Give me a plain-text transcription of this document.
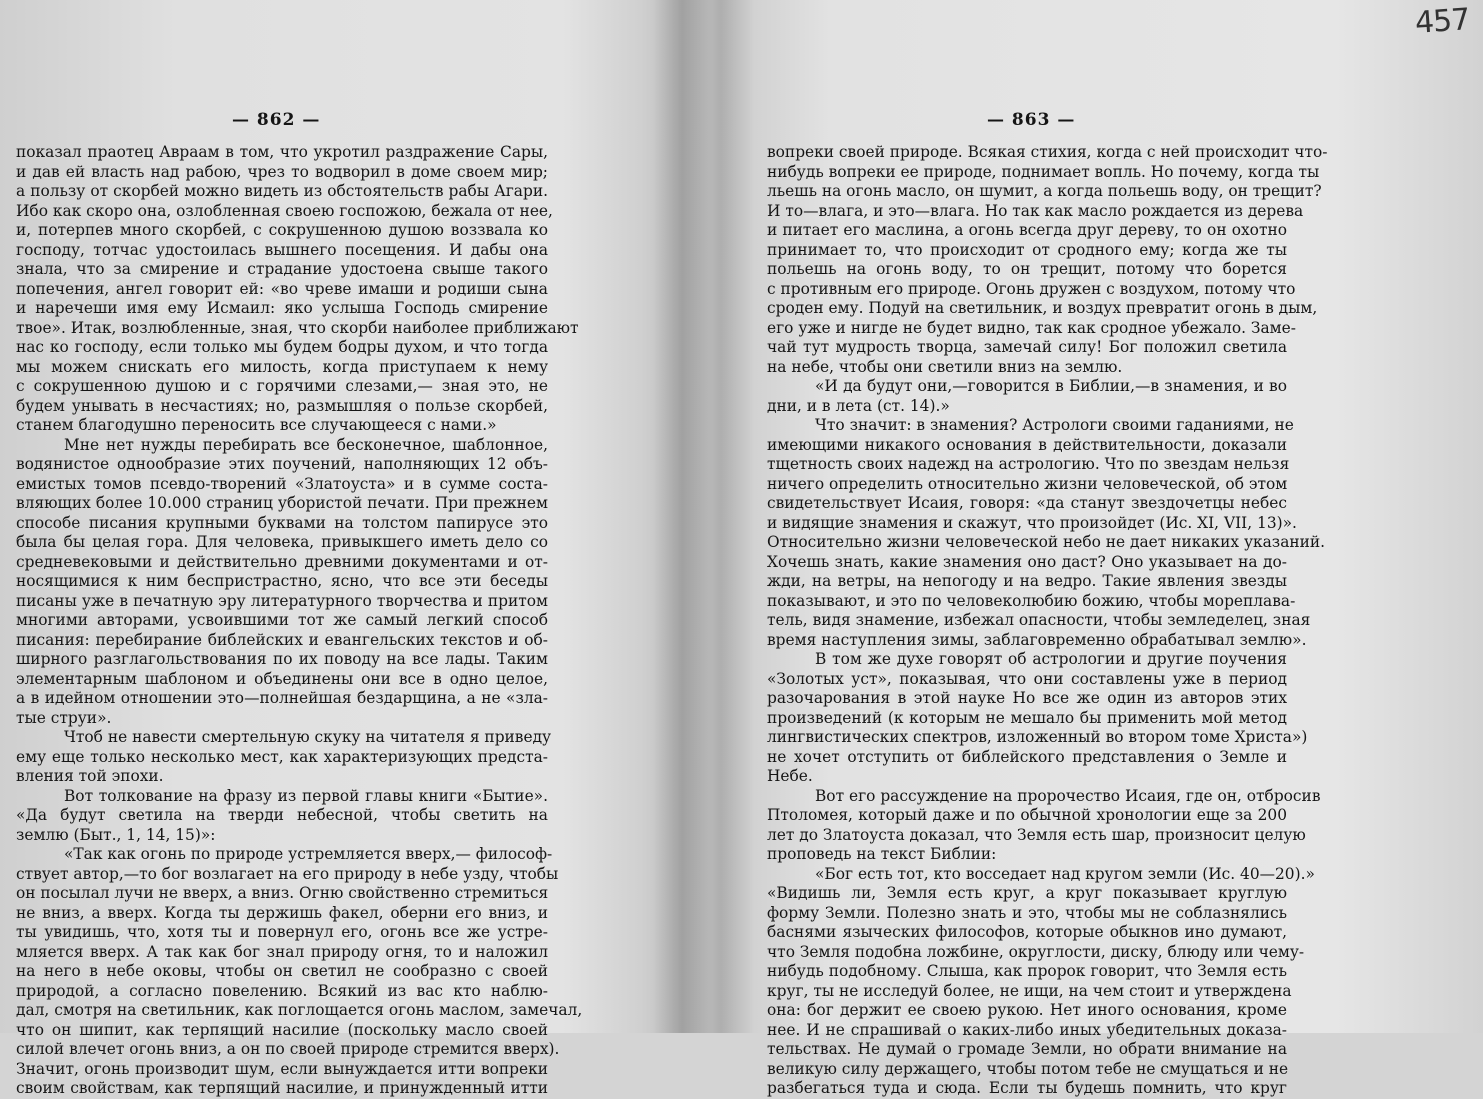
457
— 862 —
показал праотец Авраам в том, что укротил раздражение Сары,
и дав ей власть над рабою, чрез то водворил в доме своем мир;
а пользу от скорбей можно видеть из обстоятельств рабы Агари.
Ибо как скоро она, озлобленная своею госпожою, бежала от нее,
и, потерпев много скорбей, с сокрушенною душою воззвала ко
господу, тотчас удостоилась вышнего посещения. И дабы она
знала, что за смирение и страдание удостоена свыше такого
попечения, ангел говорит ей: «во чреве имаши и родиши сына
и наречеши имя ему Исмаил: яко услыша Господь смирение
твое». Итак, возлюбленные, зная, что скорби наиболее приближают
нас ко господу, если только мы будем бодры духом, и что тогда
мы можем снискать его милость, когда приступаем к нему
с сокрушенною душою и с горячими слезами,— зная это, не
будем унывать в несчастиях; но, размышляя о пользе скорбей,
станем благодушно переносить все случающееся с нами.»
Мне нет нужды перебирать все бесконечное, шаблонное,
водянистое однообразие этих поучений, наполняющих 12 объ-
емистых томов псевдо-творений «Златоуста» и в сумме соста-
вляющих более 10.000 страниц убористой печати. При прежнем
способе писания крупными буквами на толстом папирусе это
была бы целая гора. Для человека, привыкшего иметь дело со
средневековыми и действительно древними документами и от-
носящимися к ним беспристрастно, ясно, что все эти беседы
писаны уже в печатную эру литературного творчества и притом
многими авторами, усвоившими тот же самый легкий способ
писания: перебирание библейских и евангельских текстов и об-
ширного разглагольствования по их поводу на все лады. Таким
элементарным шаблоном и объединены они все в одно целое,
а в идейном отношении это—полнейшая бездарщина, а не «зла-
тые струи».
Чтоб не навести смертельную скуку на читателя я приведу
ему еще только несколько мест, как характеризующих предста-
вления той эпохи.
Вот толкование на фразу из первой главы книги «Бытие».
«Да будут светила на тверди небесной, чтобы светить на
землю (Быт., 1, 14, 15)»:
«Так как огонь по природе устремляется вверх,— философ-
ствует автор,—то бог возлагает на его природу в небе узду, чтобы
он посылал лучи не вверх, а вниз. Огню свойственно стремиться
не вниз, а вверх. Когда ты держишь факел, оберни его вниз, и
ты увидишь, что, хотя ты и повернул его, огонь все же устре-
мляется вверх. А так как бог знал природу огня, то и наложил
на него в небе оковы, чтобы он светил не сообразно с своей
природой, а согласно повелению. Всякий из вас кто наблю-
дал, смотря на светильник, как поглощается огонь маслом, замечал,
что он шипит, как терпящий насилие (поскольку масло своей
силой влечет огонь вниз, а он по своей природе стремится вверх).
Значит, огонь производит шум, если вынуждается итти вопреки
своим свойствам, как терпящий насилие, и принужденный итти
— 863 —
вопреки своей природе. Всякая стихия, когда с ней происходит что-
нибудь вопреки ее природе, поднимает вопль. Но почему, когда ты
льешь на огонь масло, он шумит, а когда польешь воду, он трещит?
И то—влага, и это—влага. Но так как масло рождается из дерева
и питает его маслина, а огонь всегда друг дереву, то он охотно
принимает то, что происходит от сродного ему; когда же ты
польешь на огонь воду, то он трещит, потому что борется
с противным его природе. Огонь дружен с воздухом, потому что
сроден ему. Подуй на светильник, и воздух превратит огонь в дым,
его уже и нигде не будет видно, так как сродное убежало. Заме-
чай тут мудрость творца, замечай силу! Бог положил светила
на небе, чтобы они светили вниз на землю.
«И да будут они,—говорится в Библии,—в знамения, и во
дни, и в лета (ст. 14).»
Что значит: в знамения? Астрологи своими гаданиями, не
имеющими никакого основания в действительности, доказали
тщетность своих надежд на астрологию. Что по звездам нельзя
ничего определить относительно жизни человеческой, об этом
свидетельствует Исаия, говоря: «да станут звездочетцы небес
и видящие знамения и скажут, что произойдет (Ис. XI, VII, 13)».
Относительно жизни человеческой небо не дает никаких указаний.
Хочешь знать, какие знамения оно даст? Оно указывает на до-
жди, на ветры, на непогоду и на ведро. Такие явления звезды
показывают, и это по человеколюбию божию, чтобы мореплава-
тель, видя знамение, избежал опасности, чтобы земледелец, зная
время наступления зимы, заблаговременно обрабатывал землю».
В том же духе говорят об астрологии и другие поучения
«Золотых уст», показывая, что они составлены уже в период
разочарования в этой науке Но все же один из авторов этих
произведений (к которым не мешало бы применить мой метод
лингвистических спектров, изложенный во втором томе Христа»)
не хочет отступить от библейского представления о Земле и
Небе.
Вот его рассуждение на пророчество Исаия, где он, отбросив
Птоломея, который даже и по обычной хронологии еще за 200
лет до Златоуста доказал, что Земля есть шар, произносит целую
проповедь на текст Библии:
«Бог есть тот, кто восседает над кругом земли (Ис. 40—20).»
«Видишь ли, Земля есть круг, а круг показывает круглую
форму Земли. Полезно знать и это, чтобы мы не соблазнялись
баснями языческих философов, которые обыкнов ино думают,
что Земля подобна ложбине, округлости, диску, блюду или чему-
нибудь подобному. Слыша, как пророк говорит, что Земля есть
круг, ты не исследуй более, не ищи, на чем стоит и утверждена
она: бог держит ее своею рукою. Нет иного основания, кроме
нее. И не спрашивай о каких-либо иных убедительных доказа-
тельствах. Не думай о громаде Земли, но обрати внимание на
великую силу держащего, чтобы потом тебе не смущаться и не
разбегаться туда и сюда. Если ты будешь помнить, что круг
